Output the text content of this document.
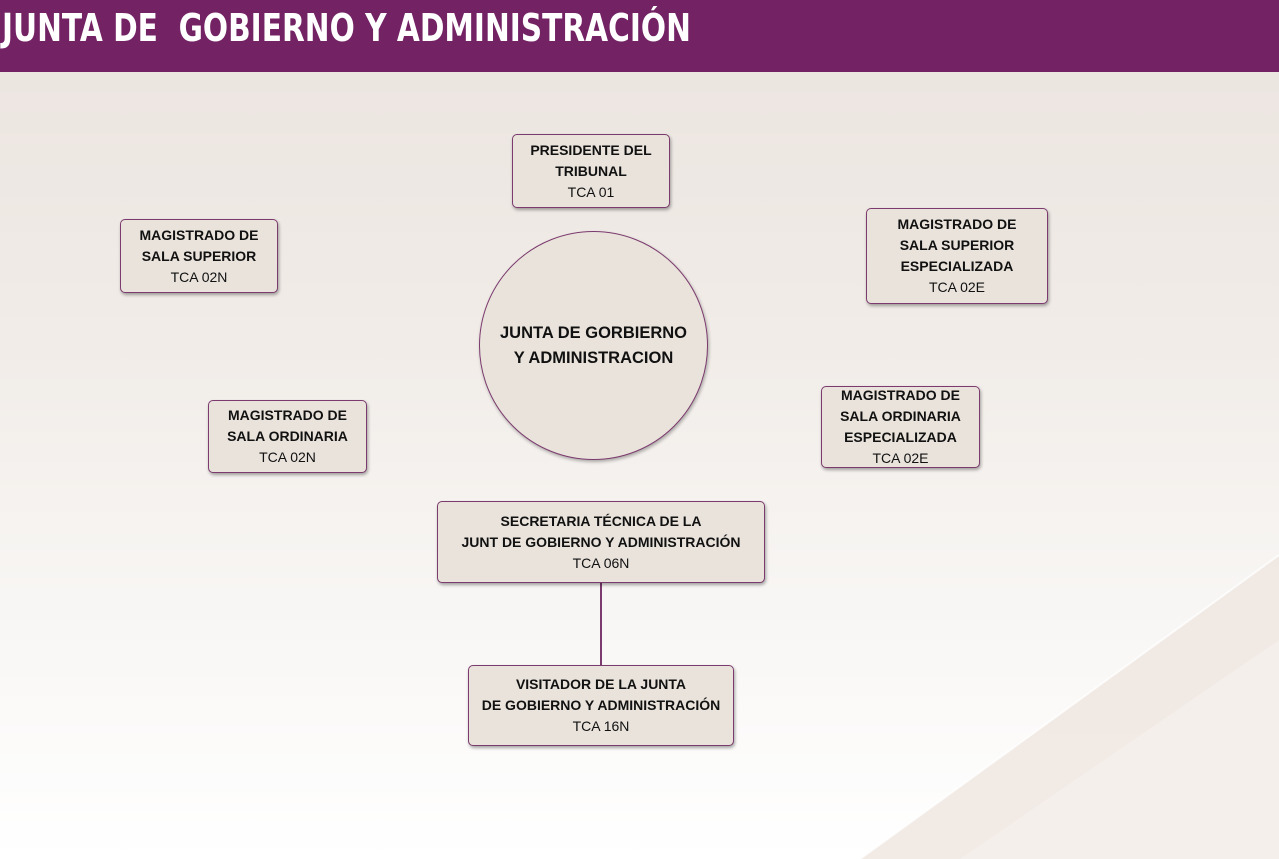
JUNTA DE  GOBIERNO Y ADMINISTRACIÓN
JUNTA DE GORBIERNO
Y ADMINISTRACION
PRESIDENTE DEL
TRIBUNAL
TCA 01
MAGISTRADO DE
SALA SUPERIOR
TCA 02N
MAGISTRADO DE
SALA SUPERIOR
ESPECIALIZADA
TCA 02E
MAGISTRADO DE
SALA ORDINARIA
TCA 02N
MAGISTRADO DE
SALA ORDINARIA
ESPECIALIZADA
TCA 02E
SECRETARIA TÉCNICA DE LA
JUNT DE GOBIERNO Y ADMINISTRACIÓN
TCA 06N
VISITADOR DE LA JUNTA
DE GOBIERNO Y ADMINISTRACIÓN
TCA 16N
